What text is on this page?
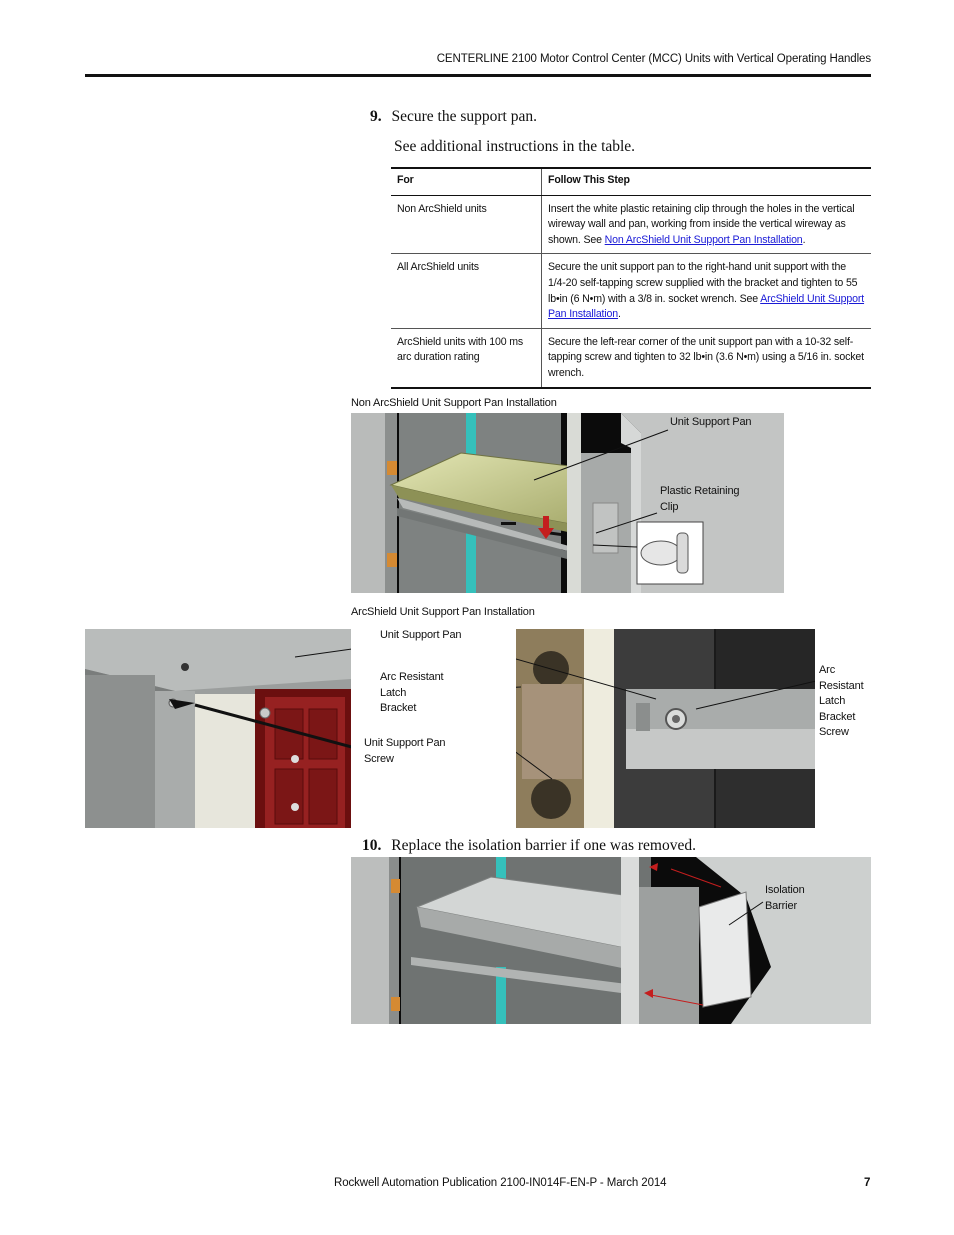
CENTERLINE 2100 Motor Control Center (MCC) Units with Vertical Operating Handles
9. Secure the support pan.
See additional instructions in the table.
For	Follow This Step
Non ArcShield units	Insert the white plastic retaining clip through the holes in the vertical wireway wall and pan, working from inside the vertical wireway as shown. See Non ArcShield Unit Support Pan Installation.
All ArcShield units	Secure the unit support pan to the right-hand unit support with the 1/4-20 self-tapping screw supplied with the bracket and tighten to 55 lb•in (6 N•m) with a 3/8 in. socket wrench. See ArcShield Unit Support Pan Installation.
ArcShield units with 100 ms arc duration rating	Secure the left-rear corner of the unit support pan with a 10-32 self-tapping screw and tighten to 32 lb•in (3.6 N•m) using a 5/16 in. socket wrench.
Non ArcShield Unit Support Pan Installation
Unit Support Pan
Plastic Retaining Clip
ArcShield Unit Support Pan Installation
Unit Support Pan
Arc Resistant Latch Bracket
Unit Support Pan Screw
Arc Resistant Latch Bracket Screw
10. Replace the isolation barrier if one was removed.
Isolation Barrier
Rockwell Automation Publication 2100-IN014F-EN-P - March 2014	7
